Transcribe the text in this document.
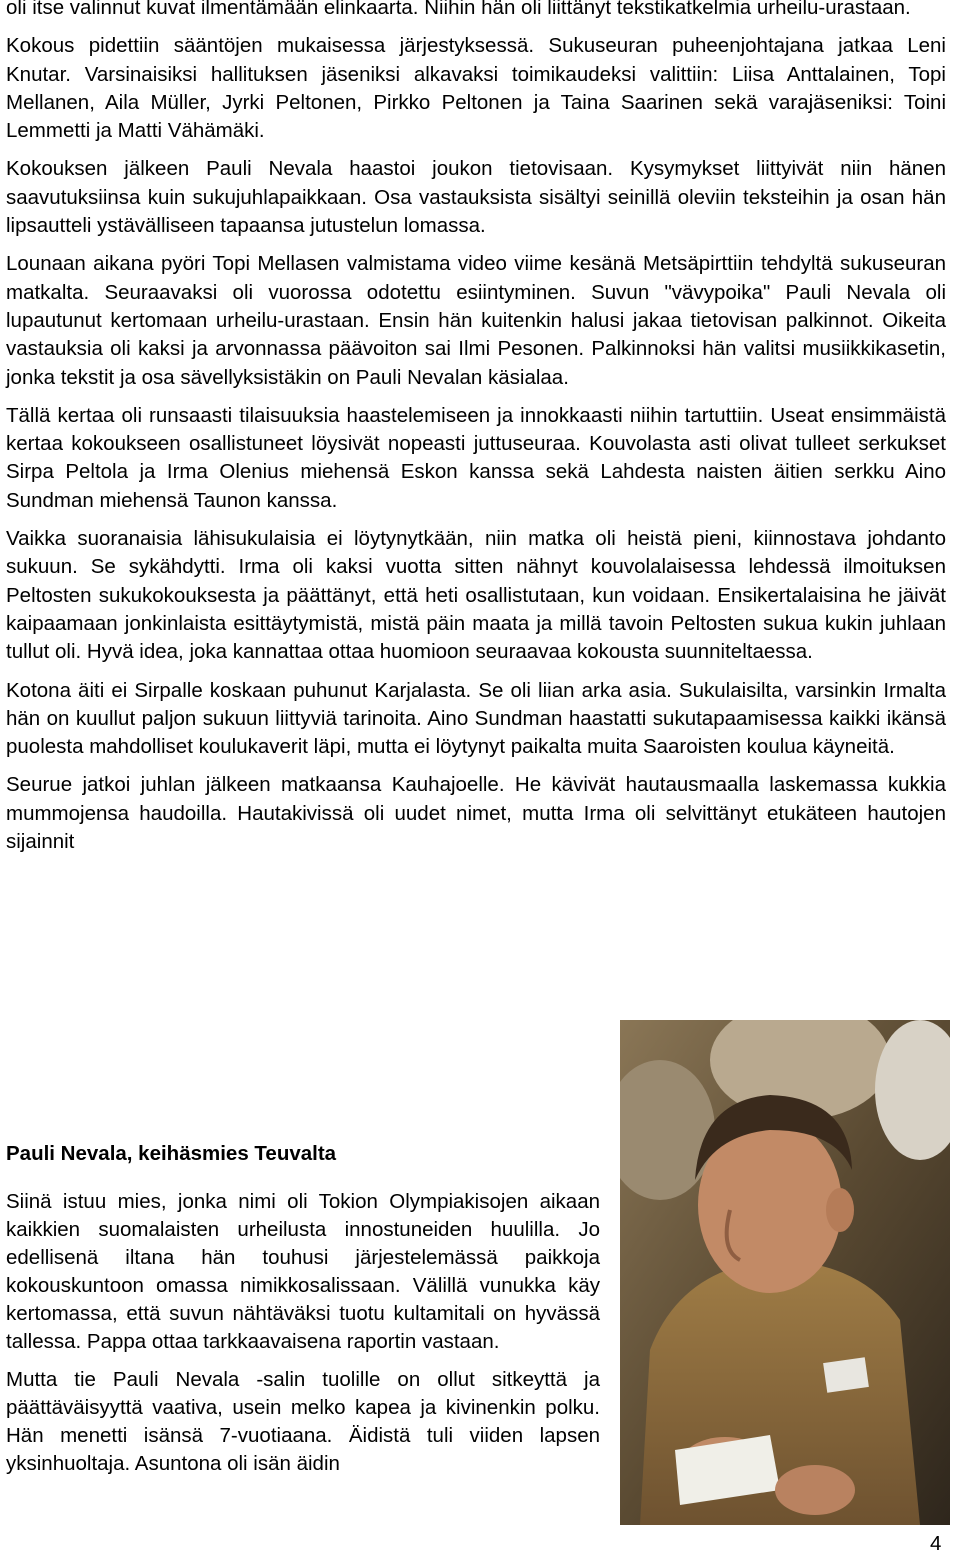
oli itse valinnut kuvat ilmentämään elinkaarta. Niihin hän oli liittänyt tekstikatkelmia urheilu-urastaan.

Kokous pidettiin sääntöjen mukaisessa järjestyksessä. Sukuseuran puheenjohtajana jatkaa Leni Knutar. Varsinaisiksi hallituksen jäseniksi alkavaksi toimikaudeksi valittiin: Liisa Anttalainen, Topi Mellanen, Aila Müller, Jyrki Peltonen, Pirkko Peltonen ja Taina Saarinen sekä varajäseniksi: Toini Lemmetti ja Matti Vähämäki.

Kokouksen jälkeen Pauli Nevala haastoi joukon tietovisaan. Kysymykset liittyivät niin hänen saavutuksiinsa kuin sukujuhlapaikkaan. Osa vastauksista sisältyi seinillä oleviin teksteihin ja osan hän lipsautteli ystävälliseen tapaansa jutustelun lomassa.

Lounaan aikana pyöri Topi Mellasen valmistama video viime kesänä Metsäpirttiin tehdyltä sukuseuran matkalta. Seuraavaksi oli vuorossa odotettu esiintyminen. Suvun "vävypoika" Pauli Nevala oli lupautunut kertomaan urheilu-urastaan. Ensin hän kuitenkin halusi jakaa tietovisan palkinnot. Oikeita vastauksia oli kaksi ja arvonnassa päävoiton sai Ilmi Pesonen. Palkinnoksi hän valitsi musiikkikasetin, jonka tekstit ja osa sävellyksistäkin on Pauli Nevalan käsialaa.

Tällä kertaa oli runsaasti tilaisuuksia haastelemiseen ja innokkaasti niihin tartuttiin. Useat ensimmäistä kertaa kokoukseen osallistuneet löysivät nopeasti juttuseuraa. Kouvolasta asti olivat tulleet serkukset Sirpa Peltola ja Irma Olenius miehensä Eskon kanssa sekä Lahdesta naisten äitien serkku Aino Sundman miehensä Taunon kanssa.

Vaikka suoranaisia lähisukulaisia ei löytynytkään, niin matka oli heistä pieni, kiinnostava johdanto sukuun. Se sykähdytti. Irma oli kaksi vuotta sitten nähnyt kouvolalaisessa lehdessä ilmoituksen Peltosten sukukokouksesta ja päättänyt, että heti osallistutaan, kun voidaan. Ensikertalaisina he jäivät kaipaamaan jonkinlaista esittäytymistä, mistä päin maata ja millä tavoin Peltosten sukua kukin juhlaan tullut oli. Hyvä idea, joka kannattaa ottaa huomioon seuraavaa kokousta suunniteltaessa.

Kotona äiti ei Sirpalle koskaan puhunut Karjalasta. Se oli liian arka asia. Sukulaisilta, varsinkin Irmalta hän on kuullut paljon sukuun liittyviä tarinoita. Aino Sundman haastatti sukutapaamisessa kaikki ikänsä puolesta mahdolliset koulukaverit läpi, mutta ei löytynyt paikalta muita Saaroisten koulua käyneitä.

Seurue jatkoi juhlan jälkeen matkaansa Kauhajoelle. He kävivät hautausmaalla laskemassa kukkia mummojensa haudoilla. Hautakivissä oli uudet nimet, mutta Irma oli selvittänyt etukäteen hautojen sijainnit

Pauli Nevala, keihäsmies Teuvalta

Siinä istuu mies, jonka nimi oli Tokion Olympiakisojen aikaan kaikkien suomalaisten urheilusta innostuneiden huulilla. Jo edellisenä iltana hän touhusi järjestelemässä paikkoja kokouskuntoon omassa nimikkosalissaan. Välillä vunukka käy kertomassa, että suvun nähtäväksi tuotu kultamitali on hyvässä tallessa. Pappa ottaa tarkkaavaisena raportin vastaan.

Mutta tie Pauli Nevala -salin tuolille on ollut sitkeyttä ja päättäväisyyttä vaativa, usein melko kapea ja kivinenkin polku. Hän menetti isänsä 7-vuotiaana. Äidistä tuli viiden lapsen yksinhuoltaja. Asuntona oli isän äidin

4
